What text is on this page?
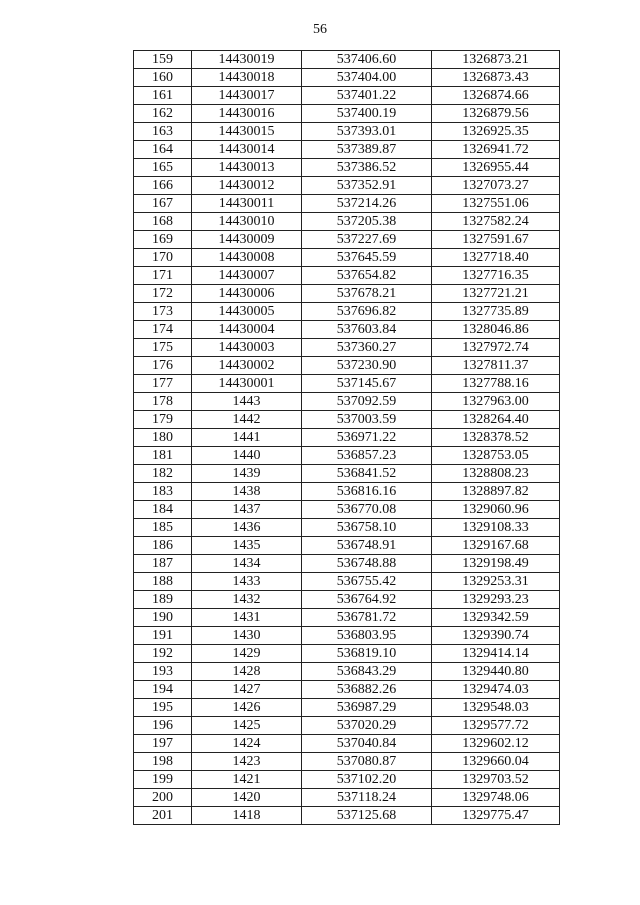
56
159	14430019	537406.60	1326873.21
160	14430018	537404.00	1326873.43
161	14430017	537401.22	1326874.66
162	14430016	537400.19	1326879.56
163	14430015	537393.01	1326925.35
164	14430014	537389.87	1326941.72
165	14430013	537386.52	1326955.44
166	14430012	537352.91	1327073.27
167	14430011	537214.26	1327551.06
168	14430010	537205.38	1327582.24
169	14430009	537227.69	1327591.67
170	14430008	537645.59	1327718.40
171	14430007	537654.82	1327716.35
172	14430006	537678.21	1327721.21
173	14430005	537696.82	1327735.89
174	14430004	537603.84	1328046.86
175	14430003	537360.27	1327972.74
176	14430002	537230.90	1327811.37
177	14430001	537145.67	1327788.16
178	1443	537092.59	1327963.00
179	1442	537003.59	1328264.40
180	1441	536971.22	1328378.52
181	1440	536857.23	1328753.05
182	1439	536841.52	1328808.23
183	1438	536816.16	1328897.82
184	1437	536770.08	1329060.96
185	1436	536758.10	1329108.33
186	1435	536748.91	1329167.68
187	1434	536748.88	1329198.49
188	1433	536755.42	1329253.31
189	1432	536764.92	1329293.23
190	1431	536781.72	1329342.59
191	1430	536803.95	1329390.74
192	1429	536819.10	1329414.14
193	1428	536843.29	1329440.80
194	1427	536882.26	1329474.03
195	1426	536987.29	1329548.03
196	1425	537020.29	1329577.72
197	1424	537040.84	1329602.12
198	1423	537080.87	1329660.04
199	1421	537102.20	1329703.52
200	1420	537118.24	1329748.06
201	1418	537125.68	1329775.47
